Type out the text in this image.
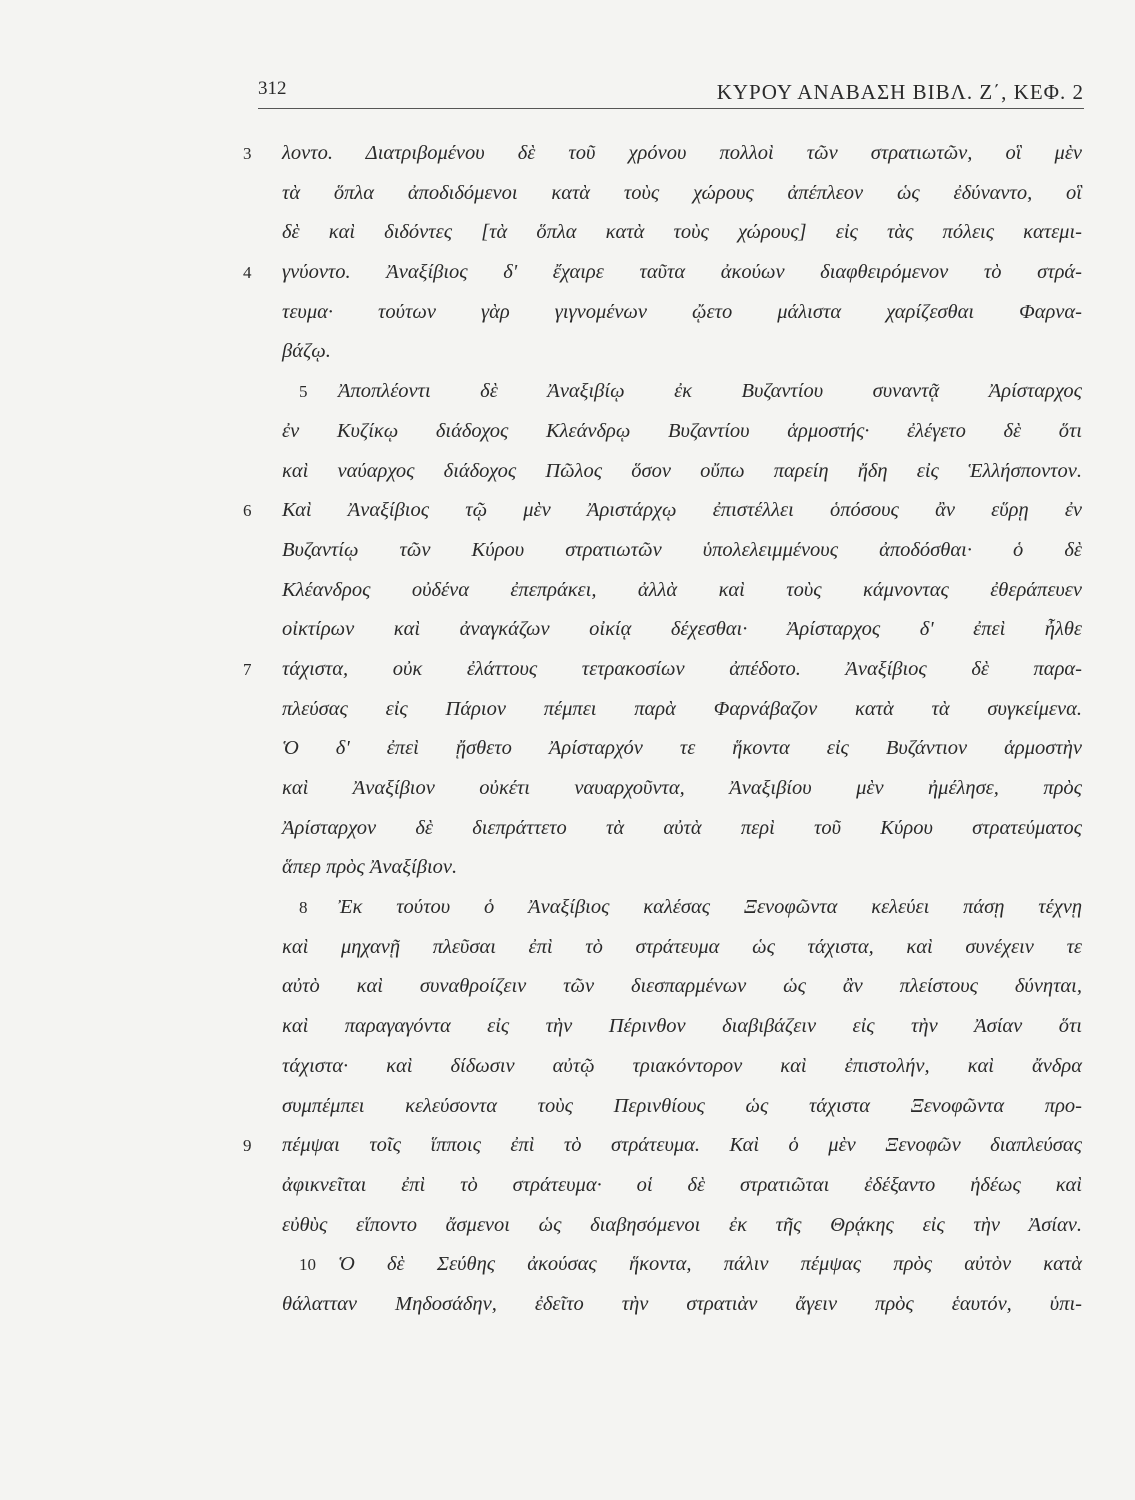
312	ΚΥΡΟΥ ΑΝΑΒΑΣΗ ΒΙΒΛ. Ζ΄, ΚΕΦ. 2
3	λοντο. Διατριβομένου δὲ τοῦ χρόνου πολλοὶ τῶν στρατιωτῶν, οἳ μὲν
τὰ ὅπλα ἀποδιδόμενοι κατὰ τοὺς χώρους ἀπέπλεον ὡς ἐδύναντο, οἳ
δὲ καὶ διδόντες [τὰ ὅπλα κατὰ τοὺς χώρους] εἰς τὰς πόλεις κατεμι-
4	γνύοντο. Ἀναξίβιος δ' ἔχαιρε ταῦτα ἀκούων διαφθειρόμενον τὸ στρά-
τευμα· τούτων γὰρ γιγνομένων ᾤετο μάλιστα χαρίζεσθαι Φαρνα-
βάζῳ.
5 Ἀποπλέοντι δὲ Ἀναξιβίῳ ἐκ Βυζαντίου συναντᾷ Ἀρίσταρχος
ἐν Κυζίκῳ διάδοχος Κλεάνδρῳ Βυζαντίου ἁρμοστής· ἐλέγετο δὲ ὅτι
καὶ ναύαρχος διάδοχος Πῶλος ὅσον οὔπω παρείη ἤδη εἰς Ἑλλήσποντον.
6	Καὶ Ἀναξίβιος τῷ μὲν Ἀριστάρχῳ ἐπιστέλλει ὁπόσους ἂν εὕρῃ ἐν
Βυζαντίῳ τῶν Κύρου στρατιωτῶν ὑπολελειμμένους ἀποδόσθαι· ὁ δὲ
Κλέανδρος οὐδένα ἐπεπράκει, ἀλλὰ καὶ τοὺς κάμνοντας ἐθεράπευεν
οἰκτίρων καὶ ἀναγκάζων οἰκίᾳ δέχεσθαι· Ἀρίσταρχος δ' ἐπεὶ ἦλθε
7	τάχιστα, οὐκ ἐλάττους τετρακοσίων ἀπέδοτο. Ἀναξίβιος δὲ παρα-
πλεύσας εἰς Πάριον πέμπει παρὰ Φαρνάβαζον κατὰ τὰ συγκείμενα.
Ὁ δ' ἐπεὶ ᾔσθετο Ἀρίσταρχόν τε ἥκοντα εἰς Βυζάντιον ἁρμοστὴν
καὶ Ἀναξίβιον οὐκέτι ναυαρχοῦντα, Ἀναξιβίου μὲν ἠμέλησε, πρὸς
Ἀρίσταρχον δὲ διεπράττετο τὰ αὐτὰ περὶ τοῦ Κύρου στρατεύματος
ἅπερ πρὸς Ἀναξίβιον.
8 Ἐκ τούτου ὁ Ἀναξίβιος καλέσας Ξενοφῶντα κελεύει πάσῃ τέχνῃ
καὶ μηχανῇ πλεῦσαι ἐπὶ τὸ στράτευμα ὡς τάχιστα, καὶ συνέχειν τε
αὐτὸ καὶ συναθροίζειν τῶν διεσπαρμένων ὡς ἂν πλείστους δύνηται,
καὶ παραγαγόντα εἰς τὴν Πέρινθον διαβιβάζειν εἰς τὴν Ἀσίαν ὅτι
τάχιστα· καὶ δίδωσιν αὐτῷ τριακόντορον καὶ ἐπιστολήν, καὶ ἄνδρα
συμπέμπει κελεύσοντα τοὺς Περινθίους ὡς τάχιστα Ξενοφῶντα προ-
9	πέμψαι τοῖς ἵπποις ἐπὶ τὸ στράτευμα. Καὶ ὁ μὲν Ξενοφῶν διαπλεύσας
ἀφικνεῖται ἐπὶ τὸ στράτευμα· οἱ δὲ στρατιῶται ἐδέξαντο ἡδέως καὶ
εὐθὺς εἵποντο ἄσμενοι ὡς διαβησόμενοι ἐκ τῆς Θρᾴκης εἰς τὴν Ἀσίαν.
10 Ὁ δὲ Σεύθης ἀκούσας ἥκοντα, πάλιν πέμψας πρὸς αὐτὸν κατὰ
θάλατταν Μηδοσάδην, ἐδεῖτο τὴν στρατιὰν ἄγειν πρὸς ἑαυτόν, ὑπι-
